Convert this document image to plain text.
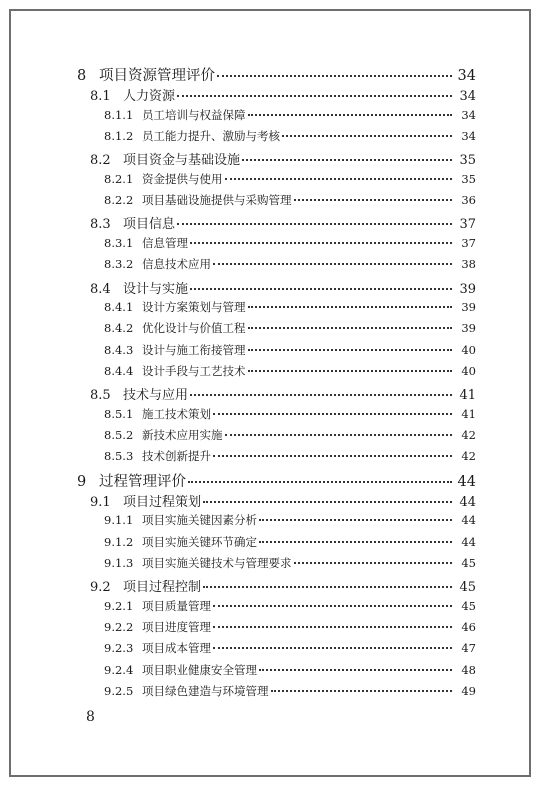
8 项目资源管理评价	34
8.1 人力资源	34
8.1.1 员工培训与权益保障	34
8.1.2 员工能力提升、激励与考核	34
8.2 项目资金与基础设施	35
8.2.1 资金提供与使用	35
8.2.2 项目基础设施提供与采购管理	36
8.3 项目信息	37
8.3.1 信息管理	37
8.3.2 信息技术应用	38
8.4 设计与实施	39
8.4.1 设计方案策划与管理	39
8.4.2 优化设计与价值工程	39
8.4.3 设计与施工衔接管理	40
8.4.4 设计手段与工艺技术	40
8.5 技术与应用	41
8.5.1 施工技术策划	41
8.5.2 新技术应用实施	42
8.5.3 技术创新提升	42
9 过程管理评价	44
9.1 项目过程策划	44
9.1.1 项目实施关键因素分析	44
9.1.2 项目实施关键环节确定	44
9.1.3 项目实施关键技术与管理要求	45
9.2 项目过程控制	45
9.2.1 项目质量管理	45
9.2.2 项目进度管理	46
9.2.3 项目成本管理	47
9.2.4 项目职业健康安全管理	48
9.2.5 项目绿色建造与环境管理	49
8
